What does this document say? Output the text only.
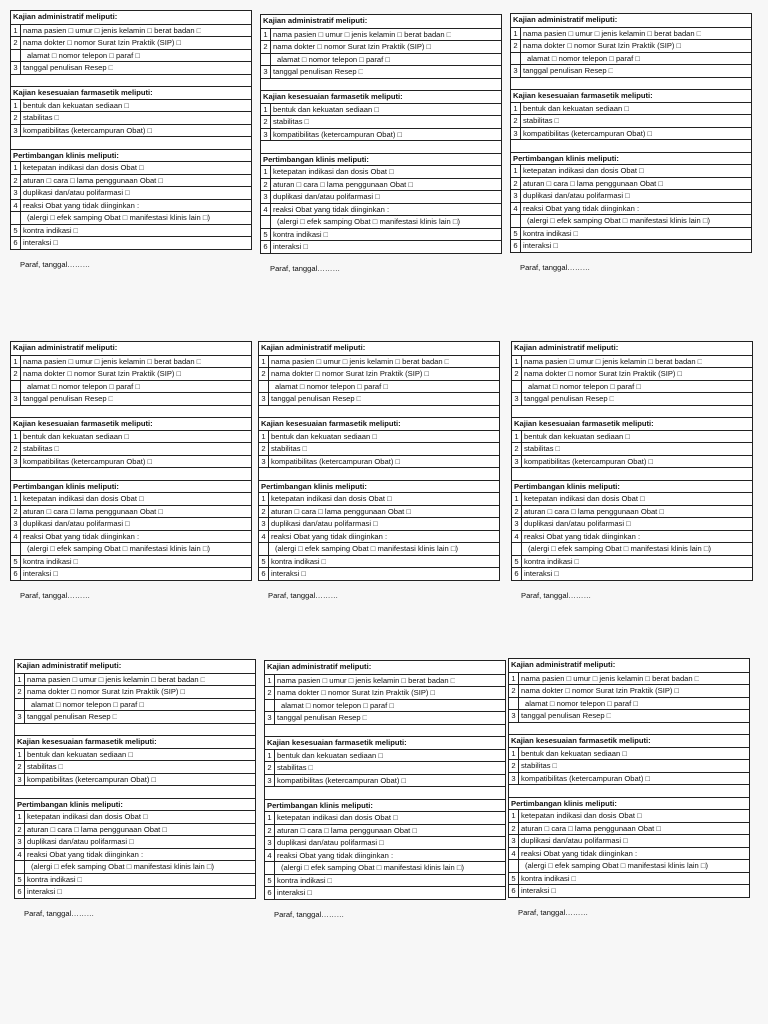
Kajian administratif meliputi:
1 nama pasien □ umur □ jenis kelamin □ berat badan □
2 nama dokter □ nomor Surat Izin Praktik (SIP) □
alamat □ nomor telepon □ paraf □
3 tanggal penulisan Resep □
Kajian kesesuaian farmasetik meliputi:
1 bentuk dan kekuatan sediaan □
2 stabilitas □
3 kompatibilitas (ketercampuran Obat) □
Pertimbangan klinis meliputi:
1 ketepatan indikasi dan dosis Obat □
2 aturan □ cara □ lama penggunaan Obat □
3 duplikasi dan/atau polifarmasi □
4 reaksi Obat yang tidak diinginkan :
(alergi □ efek samping Obat □ manifestasi klinis lain □)
5 kontra indikasi □
6 interaksi □
Paraf, tanggal………
Kajian administratif meliputi:
1 nama pasien □ umur □ jenis kelamin □ berat badan □
2 nama dokter □ nomor Surat Izin Praktik (SIP) □
alamat □ nomor telepon □ paraf □
3 tanggal penulisan Resep □
Kajian kesesuaian farmasetik meliputi:
1 bentuk dan kekuatan sediaan □
2 stabilitas □
3 kompatibilitas (ketercampuran Obat) □
Pertimbangan klinis meliputi:
1 ketepatan indikasi dan dosis Obat □
2 aturan □ cara □ lama penggunaan Obat □
3 duplikasi dan/atau polifarmasi □
4 reaksi Obat yang tidak diinginkan :
(alergi □ efek samping Obat □ manifestasi klinis lain □)
5 kontra indikasi □
6 interaksi □
Paraf, tanggal………
Kajian administratif meliputi:
1 nama pasien □ umur □ jenis kelamin □ berat badan □
2 nama dokter □ nomor Surat Izin Praktik (SIP) □
alamat □ nomor telepon □ paraf □
3 tanggal penulisan Resep □
Kajian kesesuaian farmasetik meliputi:
1 bentuk dan kekuatan sediaan □
2 stabilitas □
3 kompatibilitas (ketercampuran Obat) □
Pertimbangan klinis meliputi:
1 ketepatan indikasi dan dosis Obat □
2 aturan □ cara □ lama penggunaan Obat □
3 duplikasi dan/atau polifarmasi □
4 reaksi Obat yang tidak diinginkan :
(alergi □ efek samping Obat □ manifestasi klinis lain □)
5 kontra indikasi □
6 interaksi □
Paraf, tanggal………
Kajian administratif meliputi:
1 nama pasien □ umur □ jenis kelamin □ berat badan □
2 nama dokter □ nomor Surat Izin Praktik (SIP) □
alamat □ nomor telepon □ paraf □
3 tanggal penulisan Resep □
Kajian kesesuaian farmasetik meliputi:
1 bentuk dan kekuatan sediaan □
2 stabilitas □
3 kompatibilitas (ketercampuran Obat) □
Pertimbangan klinis meliputi:
1 ketepatan indikasi dan dosis Obat □
2 aturan □ cara □ lama penggunaan Obat □
3 duplikasi dan/atau polifarmasi □
4 reaksi Obat yang tidak diinginkan :
(alergi □ efek samping Obat □ manifestasi klinis lain □)
5 kontra indikasi □
6 interaksi □
Paraf, tanggal………
Kajian administratif meliputi:
1 nama pasien □ umur □ jenis kelamin □ berat badan □
2 nama dokter □ nomor Surat Izin Praktik (SIP) □
alamat □ nomor telepon □ paraf □
3 tanggal penulisan Resep □
Kajian kesesuaian farmasetik meliputi:
1 bentuk dan kekuatan sediaan □
2 stabilitas □
3 kompatibilitas (ketercampuran Obat) □
Pertimbangan klinis meliputi:
1 ketepatan indikasi dan dosis Obat □
2 aturan □ cara □ lama penggunaan Obat □
3 duplikasi dan/atau polifarmasi □
4 reaksi Obat yang tidak diinginkan :
(alergi □ efek samping Obat □ manifestasi klinis lain □)
5 kontra indikasi □
6 interaksi □
Paraf, tanggal………
Kajian administratif meliputi:
1 nama pasien □ umur □ jenis kelamin □ berat badan □
2 nama dokter □ nomor Surat Izin Praktik (SIP) □
alamat □ nomor telepon □ paraf □
3 tanggal penulisan Resep □
Kajian kesesuaian farmasetik meliputi:
1 bentuk dan kekuatan sediaan □
2 stabilitas □
3 kompatibilitas (ketercampuran Obat) □
Pertimbangan klinis meliputi:
1 ketepatan indikasi dan dosis Obat □
2 aturan □ cara □ lama penggunaan Obat □
3 duplikasi dan/atau polifarmasi □
4 reaksi Obat yang tidak diinginkan :
(alergi □ efek samping Obat □ manifestasi klinis lain □)
5 kontra indikasi □
6 interaksi □
Paraf, tanggal………
Kajian administratif meliputi:
1 nama pasien □ umur □ jenis kelamin □ berat badan □
2 nama dokter □ nomor Surat Izin Praktik (SIP) □
alamat □ nomor telepon □ paraf □
3 tanggal penulisan Resep □
Kajian kesesuaian farmasetik meliputi:
1 bentuk dan kekuatan sediaan □
2 stabilitas □
3 kompatibilitas (ketercampuran Obat) □
Pertimbangan klinis meliputi:
1 ketepatan indikasi dan dosis Obat □
2 aturan □ cara □ lama penggunaan Obat □
3 duplikasi dan/atau polifarmasi □
4 reaksi Obat yang tidak diinginkan :
(alergi □ efek samping Obat □ manifestasi klinis lain □)
5 kontra indikasi □
6 interaksi □
Paraf, tanggal………
Kajian administratif meliputi:
1 nama pasien □ umur □ jenis kelamin □ berat badan □
2 nama dokter □ nomor Surat Izin Praktik (SIP) □
alamat □ nomor telepon □ paraf □
3 tanggal penulisan Resep □
Kajian kesesuaian farmasetik meliputi:
1 bentuk dan kekuatan sediaan □
2 stabilitas □
3 kompatibilitas (ketercampuran Obat) □
Pertimbangan klinis meliputi:
1 ketepatan indikasi dan dosis Obat □
2 aturan □ cara □ lama penggunaan Obat □
3 duplikasi dan/atau polifarmasi □
4 reaksi Obat yang tidak diinginkan :
(alergi □ efek samping Obat □ manifestasi klinis lain □)
5 kontra indikasi □
6 interaksi □
Paraf, tanggal………
Kajian administratif meliputi:
1 nama pasien □ umur □ jenis kelamin □ berat badan □
2 nama dokter □ nomor Surat Izin Praktik (SIP) □
alamat □ nomor telepon □ paraf □
3 tanggal penulisan Resep □
Kajian kesesuaian farmasetik meliputi:
1 bentuk dan kekuatan sediaan □
2 stabilitas □
3 kompatibilitas (ketercampuran Obat) □
Pertimbangan klinis meliputi:
1 ketepatan indikasi dan dosis Obat □
2 aturan □ cara □ lama penggunaan Obat □
3 duplikasi dan/atau polifarmasi □
4 reaksi Obat yang tidak diinginkan :
(alergi □ efek samping Obat □ manifestasi klinis lain □)
5 kontra indikasi □
6 interaksi □
Paraf, tanggal………
